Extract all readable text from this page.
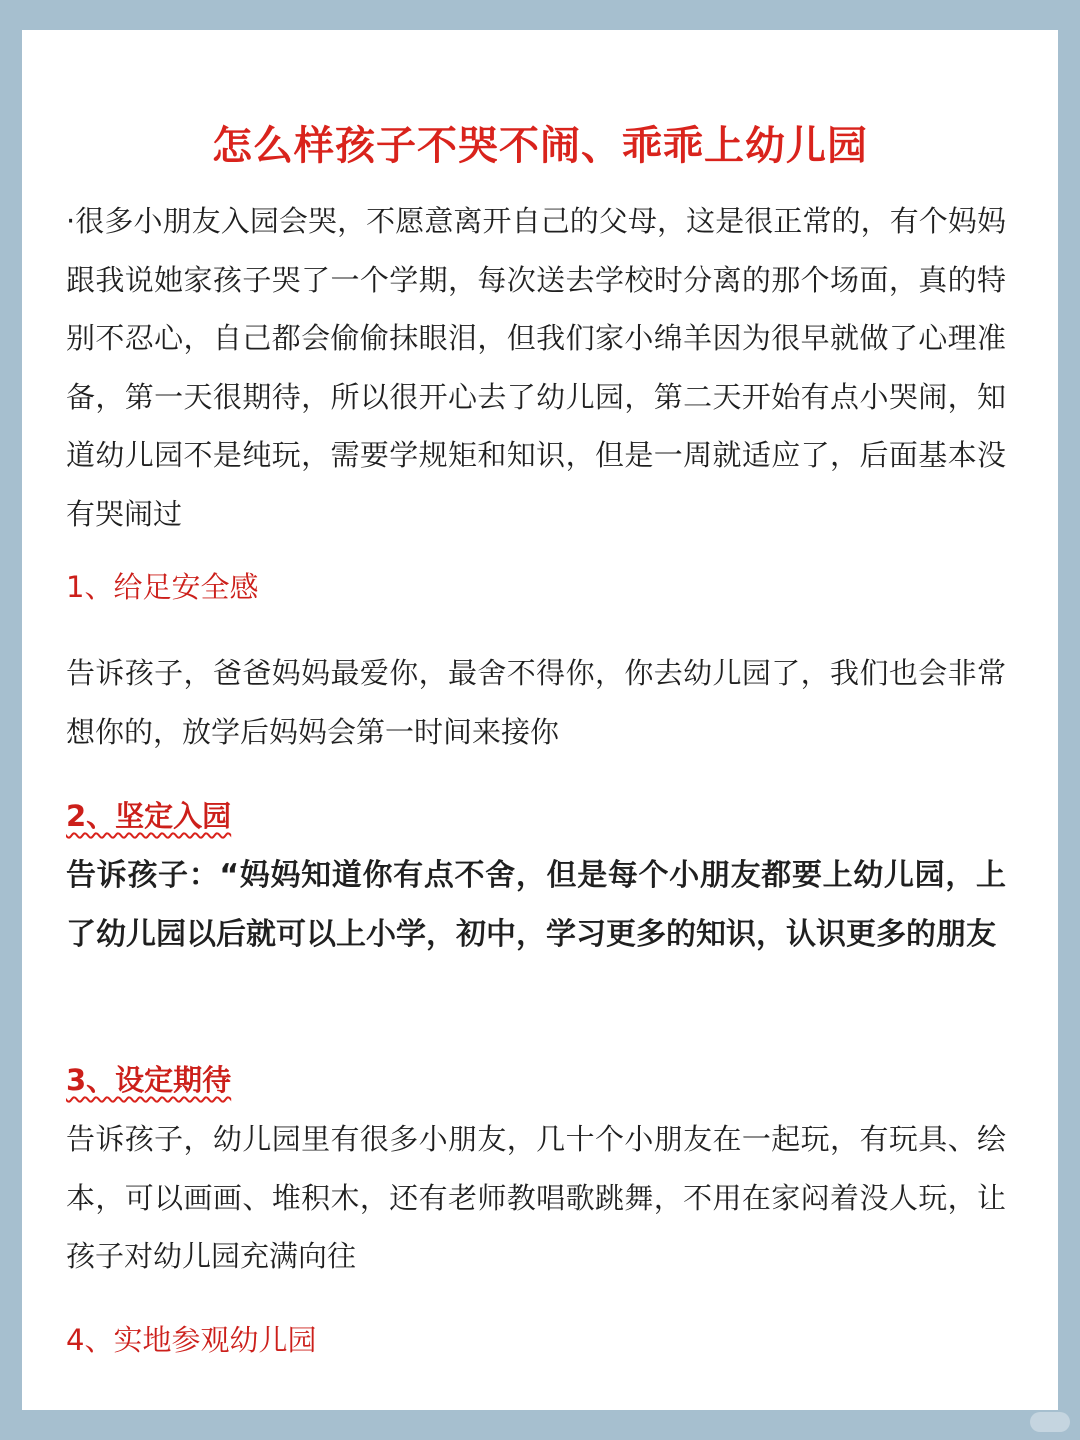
怎么样孩子不哭不闹、乖乖上幼儿园

·很多小朋友入园会哭，不愿意离开自己的父母，这是很正常的，有个妈妈跟我说她家孩子哭了一个学期，每次送去学校时分离的那个场面，真的特别不忍心，自己都会偷偷抹眼泪，但我们家小绵羊因为很早就做了心理准备，第一天很期待，所以很开心去了幼儿园，第二天开始有点小哭闹，知道幼儿园不是纯玩，需要学规矩和知识，但是一周就适应了，后面基本没有哭闹过

1、给足安全感

告诉孩子，爸爸妈妈最爱你，最舍不得你，你去幼儿园了，我们也会非常想你的，放学后妈妈会第一时间来接你

2、坚定入园

告诉孩子：“妈妈知道你有点不舍，但是每个小朋友都要上幼儿园，上了幼儿园以后就可以上小学，初中，学习更多的知识，认识更多的朋友

3、设定期待

告诉孩子，幼儿园里有很多小朋友，几十个小朋友在一起玩，有玩具、绘本，可以画画、堆积木，还有老师教唱歌跳舞，不用在家闷着没人玩，让孩子对幼儿园充满向往

4、实地参观幼儿园
